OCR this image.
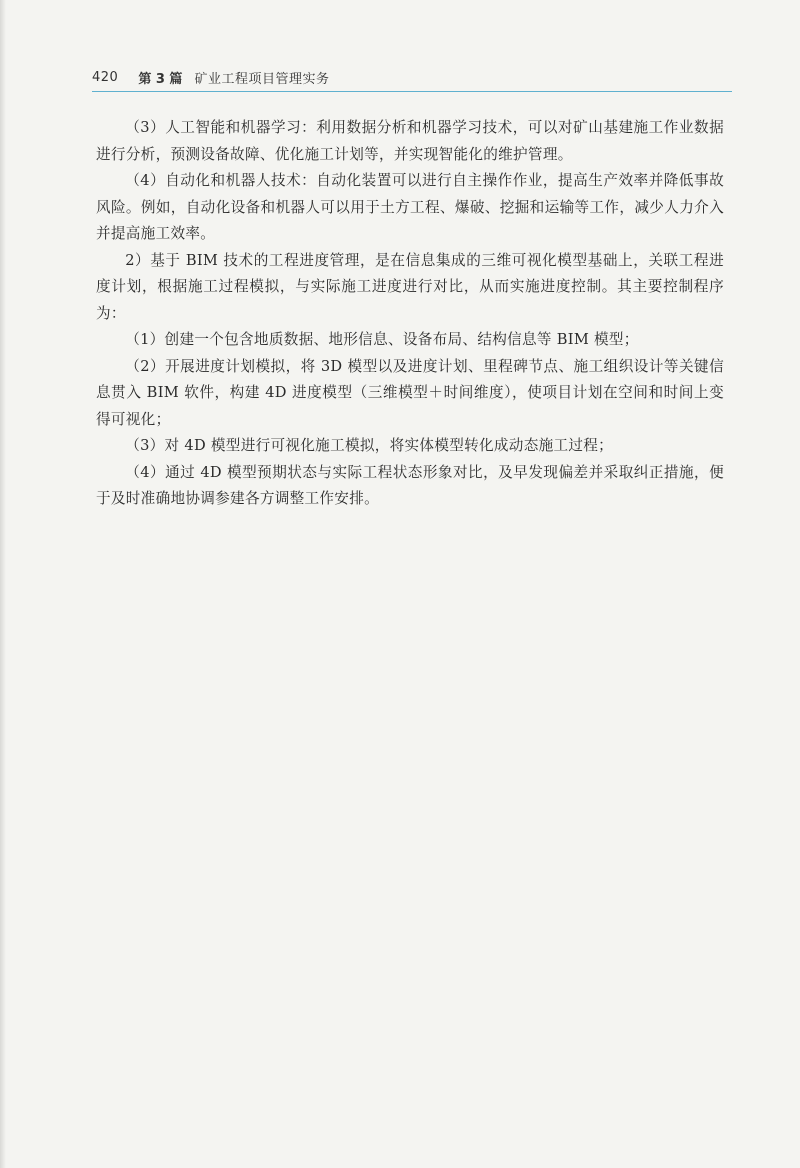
420 第 3 篇 矿业工程项目管理实务

（3）人工智能和机器学习：利用数据分析和机器学习技术，可以对矿山基建施工作业数据进行分析，预测设备故障、优化施工计划等，并实现智能化的维护管理。

（4）自动化和机器人技术：自动化装置可以进行自主操作作业，提高生产效率并降低事故风险。例如，自动化设备和机器人可以用于土方工程、爆破、挖掘和运输等工作，减少人力介入并提高施工效率。

2）基于 BIM 技术的工程进度管理，是在信息集成的三维可视化模型基础上，关联工程进度计划，根据施工过程模拟，与实际施工进度进行对比，从而实施进度控制。其主要控制程序为：

（1）创建一个包含地质数据、地形信息、设备布局、结构信息等 BIM 模型；

（2）开展进度计划模拟，将 3D 模型以及进度计划、里程碑节点、施工组织设计等关键信息贯入 BIM 软件，构建 4D 进度模型（三维模型＋时间维度），使项目计划在空间和时间上变得可视化；

（3）对 4D 模型进行可视化施工模拟，将实体模型转化成动态施工过程；

（4）通过 4D 模型预期状态与实际工程状态形象对比，及早发现偏差并采取纠正措施，便于及时准确地协调参建各方调整工作安排。
